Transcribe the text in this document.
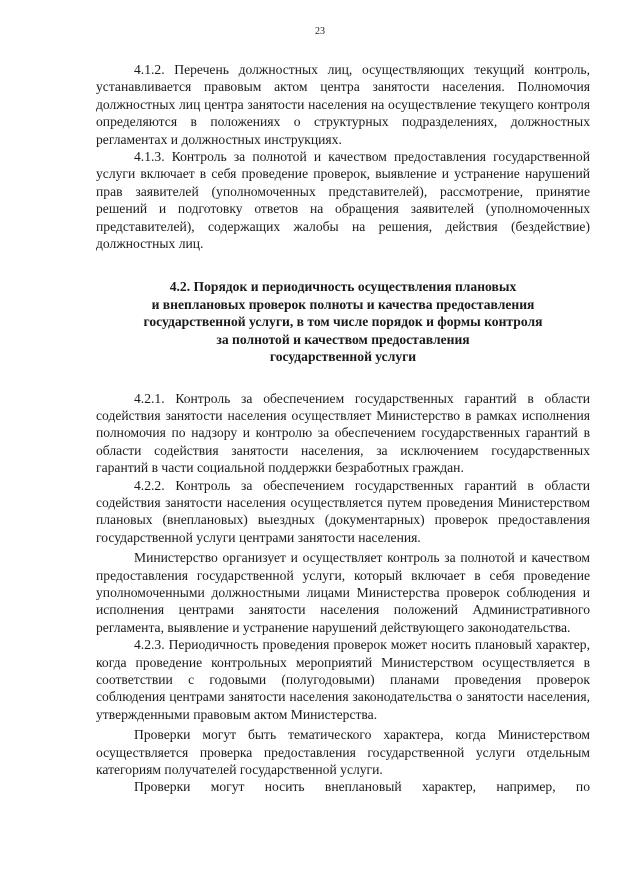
23

4.1.2. Перечень должностных лиц, осуществляющих текущий контроль, устанавливается правовым актом центра занятости населения. Полномочия должностных лиц центра занятости населения на осуществление текущего контроля определяются в положениях о структурных подразделениях, должностных регламентах и должностных инструкциях.

4.1.3. Контроль за полнотой и качеством предоставления государственной услуги включает в себя проведение проверок, выявление и устранение нарушений прав заявителей (уполномоченных представителей), рассмотрение, принятие решений и подготовку ответов на обращения заявителей (уполномоченных представителей), содержащих жалобы на решения, действия (бездействие) должностных лиц.

4.2. Порядок и периодичность осуществления плановых
и внеплановых проверок полноты и качества предоставления
государственной услуги, в том числе порядок и формы контроля
за полнотой и качеством предоставления
государственной услуги

4.2.1. Контроль за обеспечением государственных гарантий в области содействия занятости населения осуществляет Министерство в рамках исполнения полномочия по надзору и контролю за обеспечением государственных гарантий в области содействия занятости населения, за исключением государственных гарантий в части социальной поддержки безработных граждан.

4.2.2. Контроль за обеспечением государственных гарантий в области содействия занятости населения осуществляется путем проведения Министерством плановых (внеплановых) выездных (документарных) проверок предоставления государственной услуги центрами занятости населения.

Министерство организует и осуществляет контроль за полнотой и качеством предоставления государственной услуги, который включает в себя проведение уполномоченными должностными лицами Министерства проверок соблюдения и исполнения центрами занятости населения положений Административного регламента, выявление и устранение нарушений действующего законодательства.

4.2.3. Периодичность проведения проверок может носить плановый характер, когда проведение контрольных мероприятий Министерством осуществляется в соответствии с годовыми (полугодовыми) планами проведения проверок соблюдения центрами занятости населения законодательства о занятости населения, утвержденными правовым актом Министерства.

Проверки могут быть тематического характера, когда Министерством осуществляется проверка предоставления государственной услуги отдельным категориям получателей государственной услуги.

Проверки могут носить внеплановый характер, например, по
